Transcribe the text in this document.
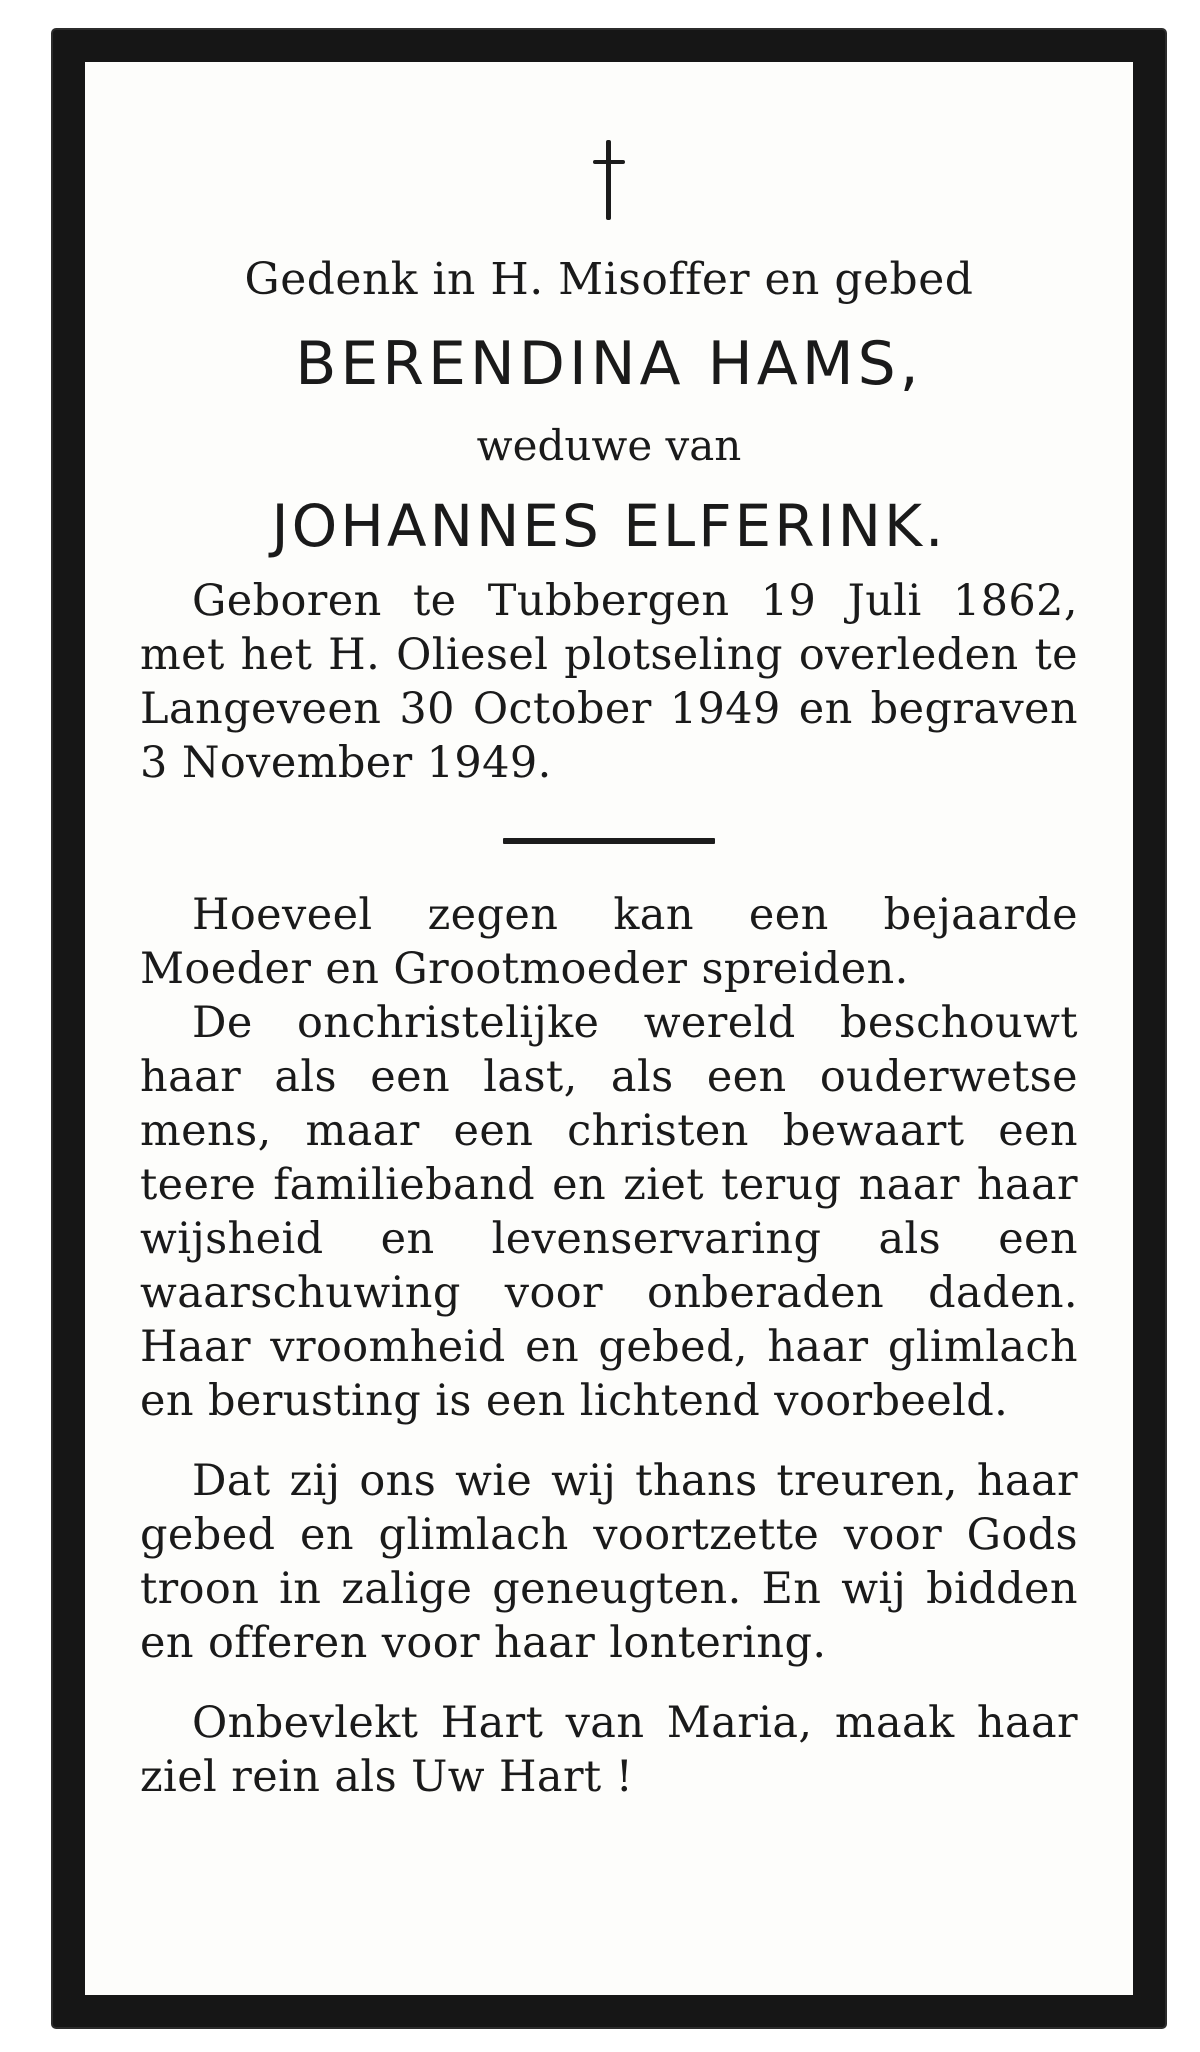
Gedenk in H. Misoffer en gebed

BERENDINA HAMS,

weduwe van

JOHANNES ELFERINK.

Geboren te Tubbergen 19 Juli 1862, met het H. Oliesel plotseling overleden te Langeveen 30 October 1949 en begraven 3 November 1949.

Hoeveel zegen kan een bejaarde Moeder en Grootmoeder spreiden.

De onchristelijke wereld beschouwt haar als een last, als een ouderwetse mens, maar een christen bewaart een teere familieband en ziet terug naar haar wijsheid en levenservaring als een waarschuwing voor onberaden daden. Haar vroomheid en gebed, haar glimlach en berusting is een lichtend voorbeeld.

Dat zij ons wie wij thans treuren, haar gebed en glimlach voortzette voor Gods troon in zalige geneugten. En wij bidden en offeren voor haar lontering.

Onbevlekt Hart van Maria, maak haar ziel rein als Uw Hart !
